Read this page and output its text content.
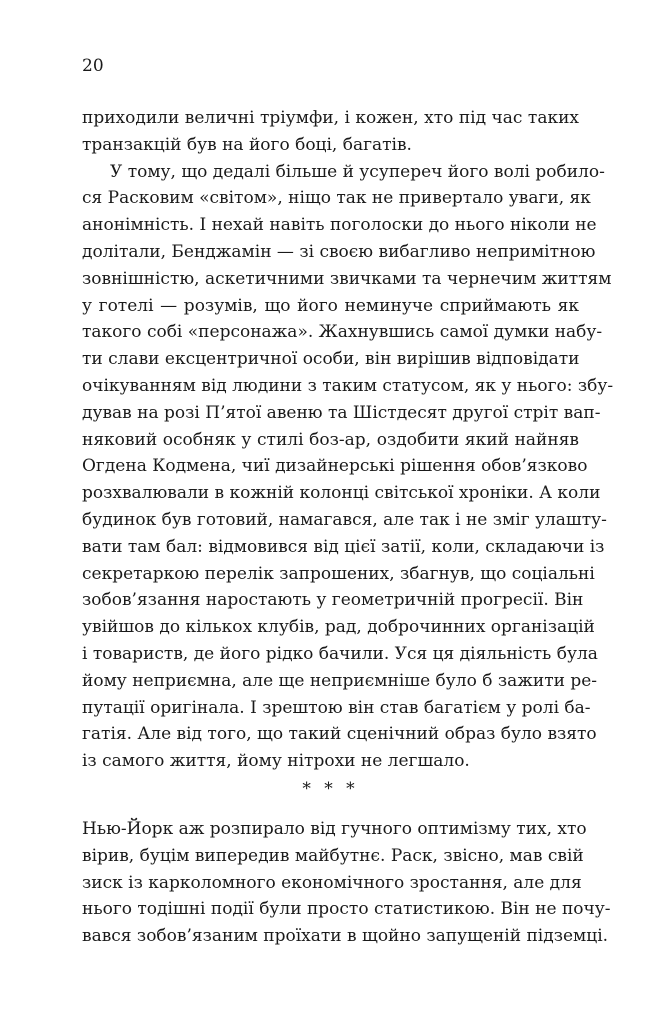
20
приходили величні тріумфи, і кожен, хто під час таких
транзакцій був на його боці, багатів.
У тому, що дедалі більше й усупереч його волі робило-
ся Расковим «світом», ніщо так не привертало уваги, як
анонімність. І нехай навіть поголоски до нього ніколи не
долітали, Бенджамін — зі своєю вибагливо непримітною
зовнішністю, аскетичними звичками та чернечим життям
у готелі — розумів, що його неминуче сприймають як
такого собі «персонажа». Жахнувшись самої думки набу-
ти слави ексцентричної особи, він вирішив відповідати
очікуванням від людини з таким статусом, як у нього: збу-
дував на розі П’ятої авеню та Шістдесят другої стріт вап-
няковий особняк у стилі боз-ар, оздобити який найняв
Огдена Кодмена, чиї дизайнерські рішення обов’язково
розхвалювали в кожній колонці світської хроніки. А коли
будинок був готовий, намагався, але так і не зміг улашту-
вати там бал: відмовився від цієї затії, коли, складаючи із
секретаркою перелік запрошених, збагнув, що соціальні
зобов’язання наростають у геометричній прогресії. Він
увійшов до кількох клубів, рад, доброчинних організацій
і товариств, де його рідко бачили. Уся ця діяльність була
йому неприємна, але ще неприємніше було б зажити ре-
путації оригінала. І зрештою він став багатієм у ролі ба-
гатія. Але від того, що такий сценічний образ було взято
із самого життя, йому нітрохи не легшало.
* * *
Нью-Йорк аж розпирало від гучного оптимізму тих, хто
вірив, буцім випередив майбутнє. Раск, звісно, мав свій
зиск із карколомного економічного зростання, але для
нього тодішні події були просто статистикою. Він не почу-
вався зобов’язаним проїхати в щойно запущеній підземці.
